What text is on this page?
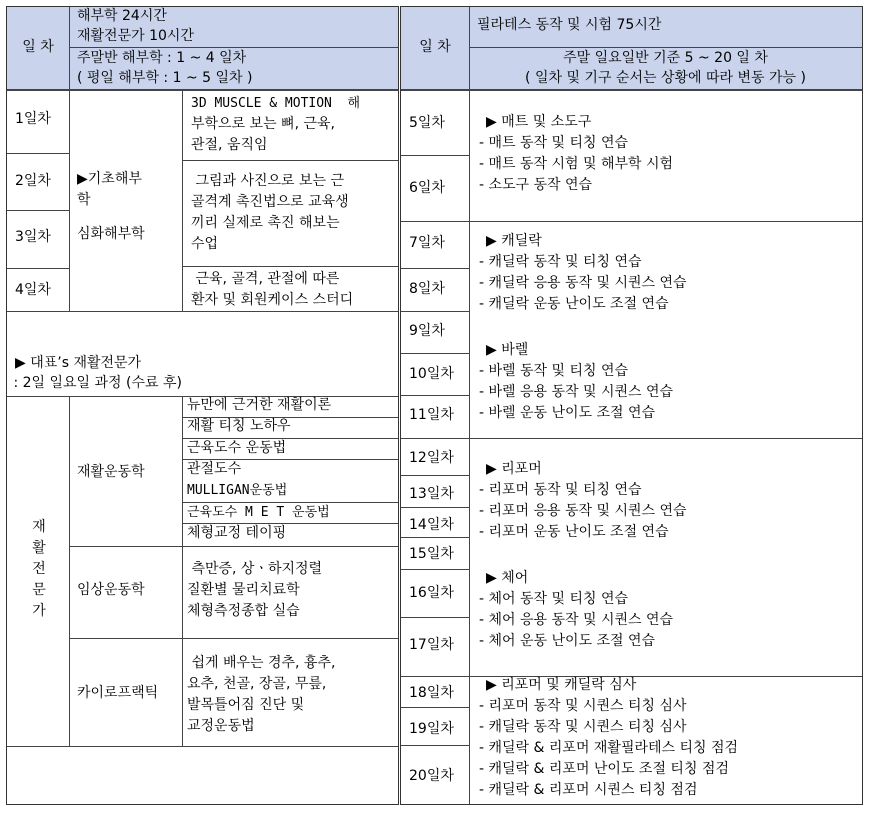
일 차
해부학 24시간
재활전문가 10시간
주말반 해부학 : 1 ~ 4 일차
( 평일 해부학 : 1 ~ 5 일차 )
1일차
2일차
3일차
4일차
▶기초해부
학
심화해부학
3D MUSCLE & MOTION  해
부학으로 보는 뼈, 근육,
관절, 움직임
그림과 사진으로 보는 근
골격계 촉진법으로 교육생
끼리 실제로 촉진 해보는
수업
근육, 골격, 관절에 따른
환자 및 회원케이스 스터디
▶ 대표’s 재활전문가
: 2일 일요일 과정 (수료 후)
재
활
전
문
가
재활운동학
임상운동학
카이로프랙틱
뉴만에 근거한 재활이론
재활 티칭 노하우
근육도수 운동법
관절도수
MULLIGAN운동법
근육도수 M E T 운동법
체형교정 테이핑
측만증, 상ㆍ하지정렬
질환별 물리치료학
체형측정종합 실습
쉽게 배우는 경추, 흉추,
요추, 천골, 장골, 무릎,
발목틀어짐 진단 및
교정운동법
일 차
필라테스 동작 및 시험 75시간
주말 일요일반 기준 5 ~ 20 일 차
( 일차 및 기구 순서는 상황에 따라 변동 가능 )
5일차
6일차
7일차
8일차
9일차
10일차
11일차
12일차
13일차
14일차
15일차
16일차
17일차
18일차
19일차
20일차
▶ 매트 및 소도구
- 매트 동작 및 티칭 연습
- 매트 동작 시험 및 해부학 시험
- 소도구 동작 연습
▶ 캐딜락
- 캐딜락 동작 및 티칭 연습
- 캐딜락 응용 동작 및 시퀀스 연습
- 캐딜락 운동 난이도 조절 연습
▶ 바렐
- 바렐 동작 및 티칭 연습
- 바렐 응용 동작 및 시퀀스 연습
- 바렐 운동 난이도 조절 연습
▶ 리포머
- 리포머 동작 및 티칭 연습
- 리포머 응용 동작 및 시퀀스 연습
- 리포머 운동 난이도 조절 연습
▶ 체어
- 체어 동작 및 티칭 연습
- 체어 응용 동작 및 시퀀스 연습
- 체어 운동 난이도 조절 연습
▶ 리포머 및 캐딜락 심사
- 리포머 동작 및 시퀀스 티칭 심사
- 캐딜락 동작 및 시퀀스 티칭 심사
- 캐딜락 & 리포머 재활필라테스 티칭 점검
- 캐딜락 & 리포머 난이도 조절 티칭 점검
- 캐딜락 & 리포머 시퀀스 티칭 점검
